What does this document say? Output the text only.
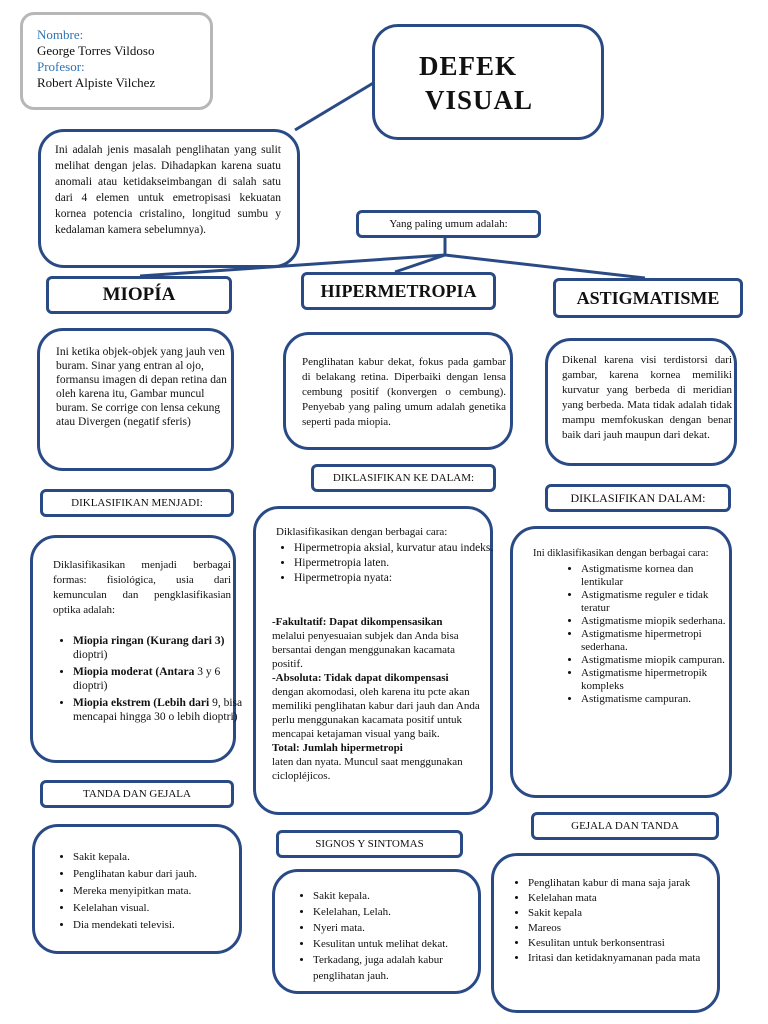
Nombre:
George Torres Vildoso
Profesor:
Robert Alpiste Vilchez
DEFEK
VISUAL
Ini adalah jenis masalah penglihatan yang sulit melihat dengan jelas. Dihadapkan karena suatu anomali atau ketidakseimbangan di salah satu dari 4 elemen untuk emetropisasi kekuatan kornea potencia cristalino, longitud sumbu y kedalaman kamera sebelumnya).	Yang paling umum adalah:
MIOPÍA
Ini ketika objek-objek yang jauh ven buram. Sinar yang entran al ojo, formansu imagen di depan retina dan oleh karena itu, Gambar muncul buram. Se corrige con lensa cekung atau Divergen (negatif sferis)
DIKLASIFIKAN MENJADI:
Diklasifikasikan menjadi berbagai formas: fisiológica, usia dari kemunculan dan pengklasifikasian optika adalah:
• Miopia ringan (Kurang dari 3) dioptri)
• Miopia moderat (Antara 3 y 6 dioptri)
• Miopia ekstrem (Lebih dari 9, bisa mencapai hingga 30 o lebih dioptri)
TANDA DAN GEJALA
• Sakit kepala.
• Penglihatan kabur dari jauh.
• Mereka menyipitkan mata.
• Kelelahan visual.
• Dia mendekati televisi.
HIPERMETROPIA
Penglihatan kabur dekat, fokus pada gambar di belakang retina. Diperbaiki dengan lensa cembung positif (konvergen o cembung). Penyebab yang paling umum adalah genetika seperti pada miopia.
DIKLASIFIKAN KE DALAM:
Diklasifikasikan dengan berbagai cara:
• Hipermetropia aksial, kurvatur atau indeks.
• Hipermetropia laten.
• Hipermetropia nyata:
-Fakultatif: Dapat dikompensasikan
melalui penyesuaian subjek dan Anda bisa bersantai dengan menggunakan kacamata positif.
-Absoluta: Tidak dapat dikompensasi
dengan akomodasi, oleh karena itu pcte akan memiliki penglihatan kabur dari jauh dan Anda perlu menggunakan kacamata positif untuk mencapai ketajaman visual yang baik.
Total: Jumlah hipermetropi
laten dan nyata. Muncul saat menggunakan ciclopléjicos.
SIGNOS Y SINTOMAS
• Sakit kepala.
• Kelelahan, Lelah.
• Nyeri mata.
• Kesulitan untuk melihat dekat.
• Terkadang, juga adalah kabur penglihatan jauh.
ASTIGMATISME
Dikenal karena visi terdistorsi dari gambar, karena kornea memiliki kurvatur yang berbeda di meridian yang berbeda. Mata tidak adalah tidak mampu memfokuskan dengan benar baik dari jauh maupun dari dekat.
DIKLASIFIKAN DALAM:
Ini diklasifikasikan dengan berbagai cara:
• Astigmatisme kornea dan lentikular
• Astigmatisme reguler e tidak teratur
• Astigmatisme miopik sederhana.
• Astigmatisme hipermetropi sederhana.
• Astigmatisme miopik campuran.
• Astigmatisme hipermetropik kompleks
• Astigmatisme campuran.
GEJALA DAN TANDA
• Penglihatan kabur di mana saja jarak
• Kelelahan mata
• Sakit kepala
• Mareos
• Kesulitan untuk berkonsentrasi
• Iritasi dan ketidaknyamanan pada mata
